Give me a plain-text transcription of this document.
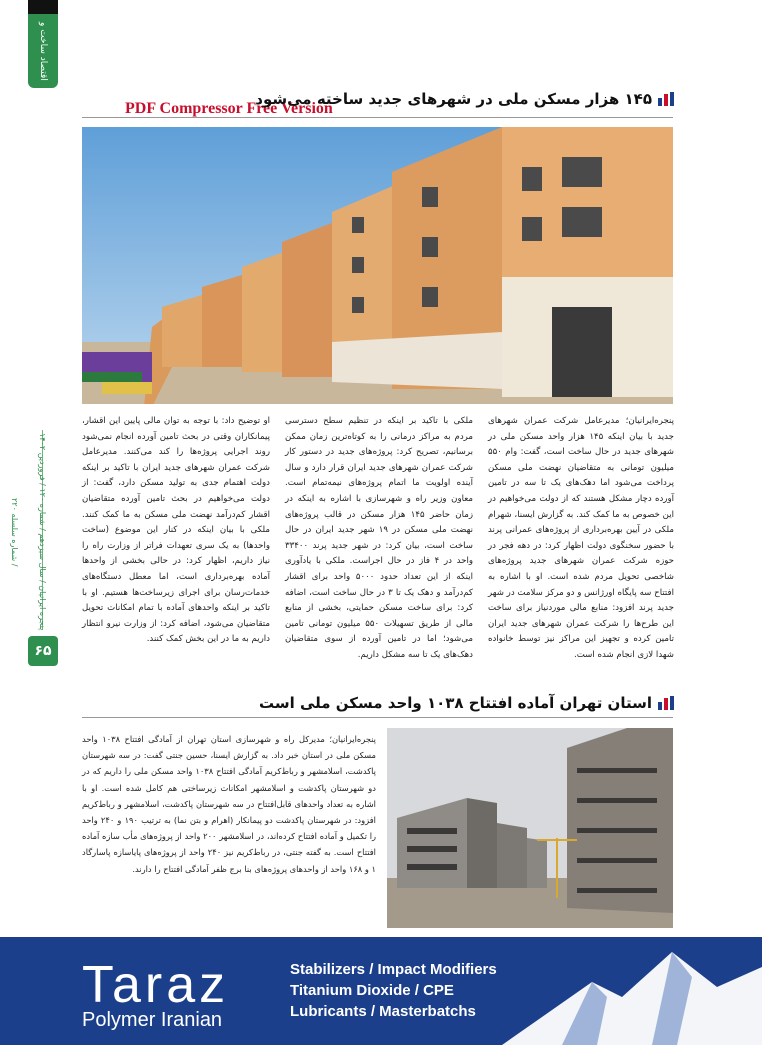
اقتصاد ساخت و ساز
پنجره ایرانیان / سال سیزدهم / شماره ۱۲۰ / فروردین ۱۴۰۲ / شماره سلسله ۲۲۰
۶۵
PDF Compressor Free Version
۱۴۵ هزار مسکن ملی در شهرهای جدید ساخته می‌شود
پنجره‌ایرانیان؛ مدیرعامل شرکت عمران شهرهای جدید با بیان اینکه ۱۴۵ هزار واحد مسکن ملی در شهرهای جدید در حال ساخت است، گفت: وام ۵۵۰ میلیون تومانی به متقاضیان نهضت ملی مسکن پرداخت می‌شود اما دهک‌های یک تا سه در تامین آورده دچار مشکل هستند که از دولت می‌خواهیم در این خصوص به ما کمک کند. به گزارش ایسنا، شهرام ملکی در آیین بهره‌برداری از پروژه‌های عمرانی پرند با حضور سخنگوی دولت اظهار کرد: در دهه فجر در حوزه شرکت عمران شهرهای جدید پروژه‌های شاخصی تحویل مردم شده است. او با اشاره به افتتاح سه پایگاه اورژانس و دو مرکز سلامت در شهر جدید پرند افزود: منابع مالی موردنیاز برای ساخت این طرح‌ها را شرکت عمران شهرهای جدید ایران تامین کرده و تجهیز این مراکز نیز توسط خانواده شهدا لازی انجام شده است.
ملکی با تاکید بر اینکه در تنظیم سطح دسترسی مردم به مراکز درمانی را به کوتاه‌ترین زمان ممکن برسانیم، تصریح کرد: پروژه‌های جدید در دستور کار شرکت عمران شهرهای جدید ایران قرار دارد و سال آینده اولویت ما اتمام پروژه‌های نیمه‌تمام است. معاون وزیر راه و شهرسازی با اشاره به اینکه در زمان حاضر ۱۴۵ هزار مسکن در قالب پروژه‌های نهضت ملی مسکن در ۱۹ شهر جدید ایران در حال ساخت است، بیان کرد: در شهر جدید پرند ۳۳۴۰۰ واحد در ۴ فاز در حال اجراست. ملکی با یادآوری اینکه از این تعداد حدود ۵۰۰۰ واحد برای اقشار کم‌درآمد و دهک یک تا ۳ در حال ساخت است، اضافه کرد: برای ساخت مسکن حمایتی، بخشی از منابع مالی از طریق تسهیلات ۵۵۰ میلیون تومانی تامین می‌شود؛ اما در تامین آورده از سوی متقاضیان دهک‌های یک تا سه مشکل داریم.
او توضیح داد: با توجه به توان مالی پایین این اقشار، پیمانکاران وقتی در بحث تامین آورده انجام نمی‌شود روند اجرایی پروژه‌ها را کند می‌کنند. مدیرعامل شرکت عمران شهرهای جدید ایران با تاکید بر اینکه دولت اهتمام جدی به تولید مسکن دارد، گفت: از دولت می‌خواهیم در بحث تامین آورده متقاضیان اقشار کم‌درآمد نهضت ملی مسکن به ما کمک کنند. ملکی با بیان اینکه در کنار این موضوع (ساخت واحدها) به یک سری تعهدات فراتر از وزارت راه را نیاز داریم، اظهار کرد: در حالی بخشی از واحدها آماده بهره‌برداری است، اما معطل دستگاه‌های خدمات‌رسان برای اجرای زیرساخت‌ها هستیم. او با تاکید بر اینکه واحدهای آماده با تمام امکانات تحویل متقاضیان می‌شود، اضافه کرد: از وزارت نیرو انتظار داریم به ما در این بخش کمک کنند.
استان تهران آماده افتتاح ۱۰۳۸ واحد مسکن ملی است
پنجره‌ایرانیان؛ مدیرکل راه و شهرسازی استان تهران از آمادگی افتتاح ۱۰۳۸ واحد مسکن ملی در استان خبر داد. به گزارش ایسنا، حسین جنتی گفت: در سه شهرستان پاکدشت، اسلامشهر و رباط‌کریم آمادگی افتتاح ۱۰۳۸ واحد مسکن ملی را داریم که در دو شهرستان پاکدشت و اسلامشهر امکانات زیرساختی هم کامل شده است. او با اشاره به تعداد واحدهای قابل‌افتتاح در سه شهرستان پاکدشت، اسلامشهر و رباط‌کریم افزود: در شهرستان پاکدشت دو پیمانکار (اهرام و بتن نما) به ترتیب ۱۹۰ و ۲۴۰ واحد را تکمیل و آماده افتتاح کرده‌اند، در اسلامشهر ۲۰۰ واحد از پروژه‌های مأب سازه آماده افتتاح است. به گفته جنتی، در رباط‌کریم نیز ۲۴۰ واحد از پروژه‌های پایاسازه پاسارگاد ۱ و ۱۶۸ واحد از واحدهای پروژه‌های بنا برج ظفر آمادگی افتتاح را دارند.
Taraz
Polymer Iranian
Stabilizers / Impact Modifiers
Titanium Dioxide / CPE
Lubricants / Masterbatchs
